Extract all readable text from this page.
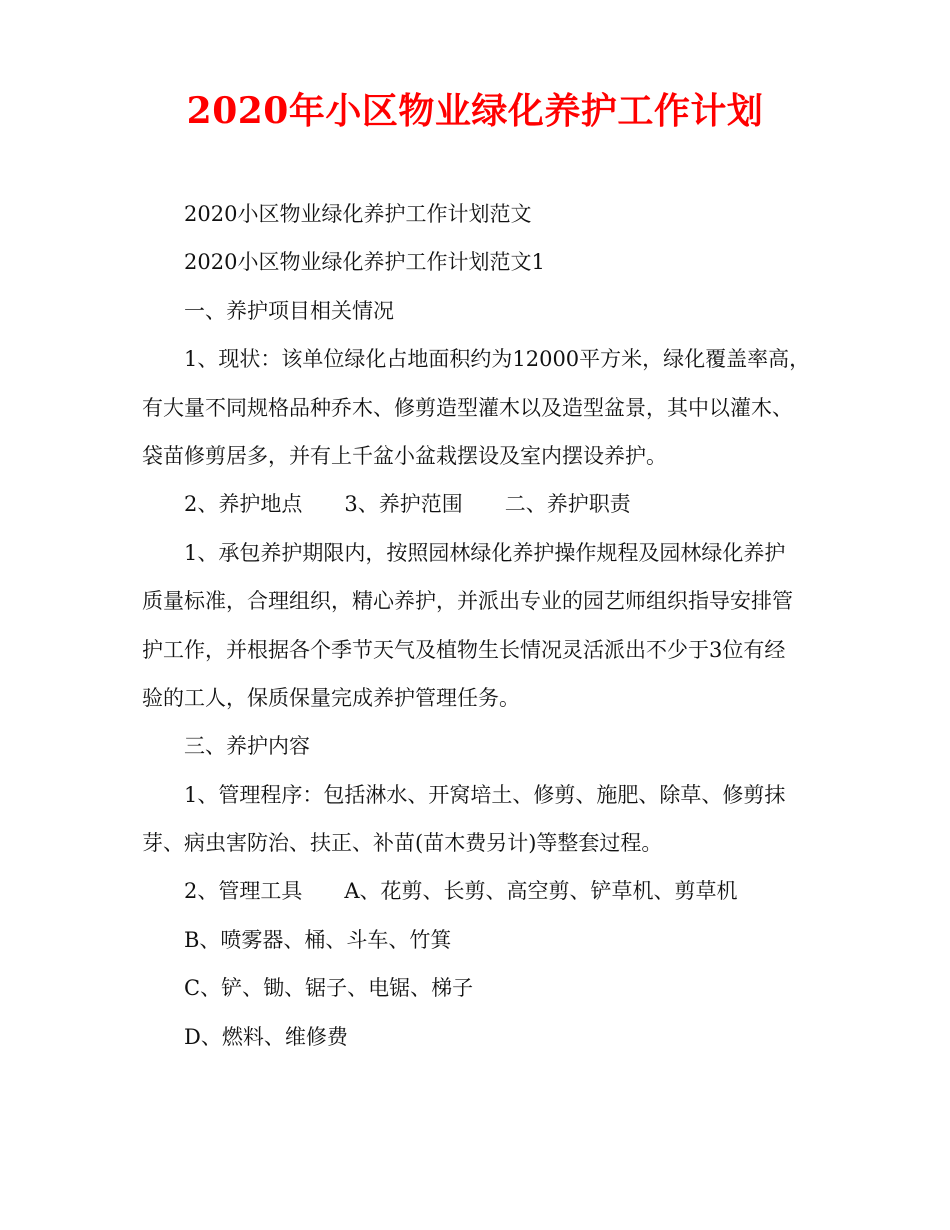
2020年小区物业绿化养护工作计划
2020小区物业绿化养护工作计划范文
2020小区物业绿化养护工作计划范文1
一、养护项目相关情况
1、现状：该单位绿化占地面积约为12000平方米，绿化覆盖率高，
有大量不同规格品种乔木、修剪造型灌木以及造型盆景，其中以灌木、
袋苗修剪居多，并有上千盆小盆栽摆设及室内摆设养护。
2、养护地点 3、养护范围 二、养护职责
1、承包养护期限内，按照园林绿化养护操作规程及园林绿化养护
质量标准，合理组织，精心养护，并派出专业的园艺师组织指导安排管
护工作，并根据各个季节天气及植物生长情况灵活派出不少于3位有经
验的工人，保质保量完成养护管理任务。
三、养护内容
1、管理程序：包括淋水、开窝培土、修剪、施肥、除草、修剪抹
芽、病虫害防治、扶正、补苗(苗木费另计)等整套过程。
2、管理工具 A、花剪、长剪、高空剪、铲草机、剪草机
B、喷雾器、桶、斗车、竹箕
C、铲、锄、锯子、电锯、梯子
D、燃料、维修费
